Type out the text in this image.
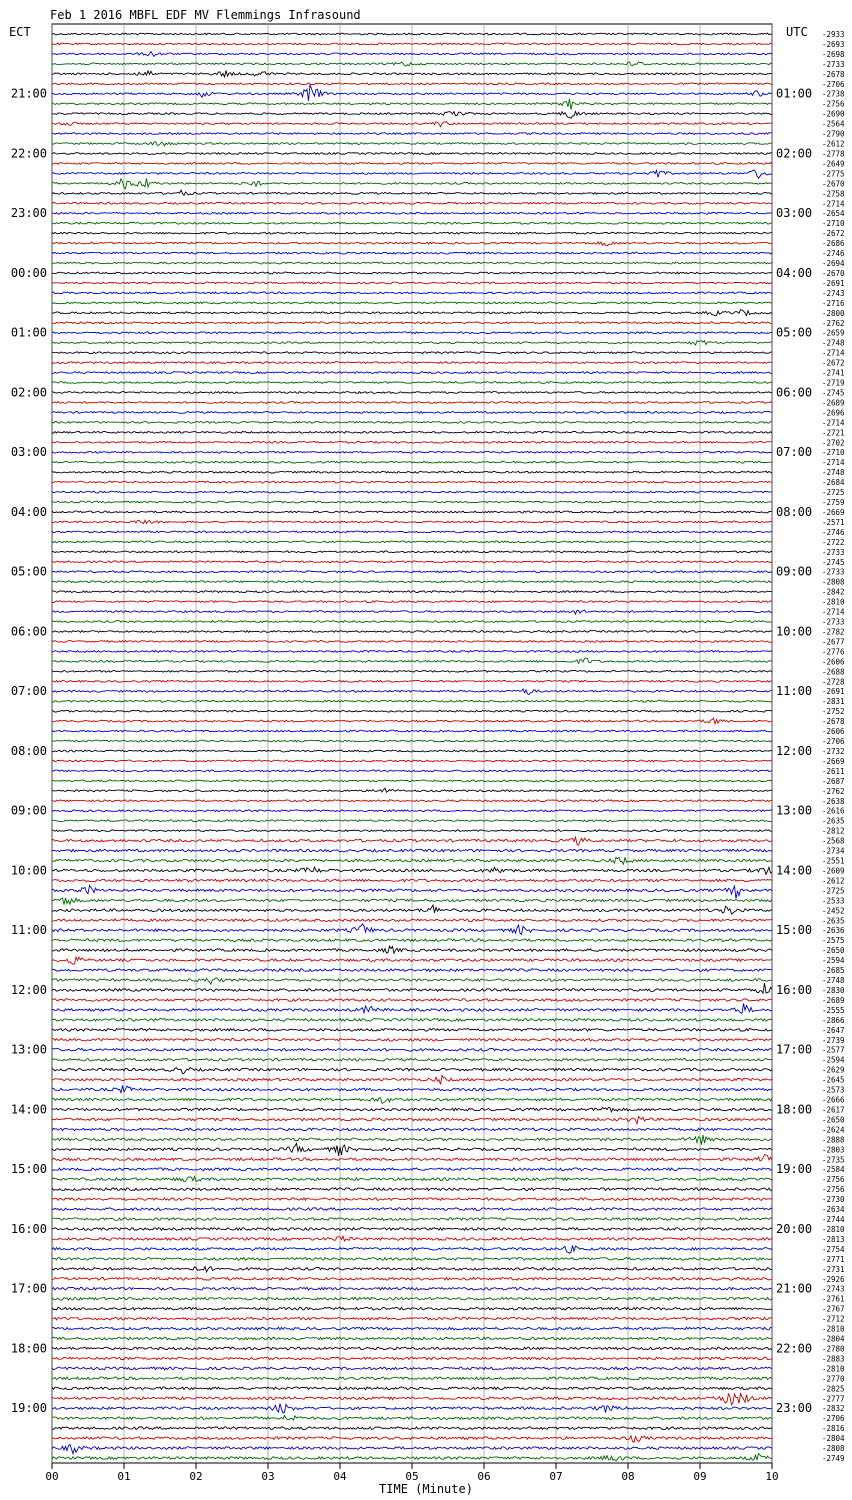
Feb 1 2016 MBFL EDF MV Flemmings Infrasound
ECT	UTC
00	01	02	03	04	05	06	07	08	09	10
-2933
-2693
-2698
-2733
-2678
-2706
-2738
-2756
-2690
-2564
-2790
-2612
-2778
-2649
-2775
-2670
-2758
-2714
-2654
-2710
-2672
-2686
-2746
-2694
-2670
-2691
-2743
-2716
-2800
-2762
-2659
-2748
-2714
-2672
-2741
-2719
-2745
-2689
-2696
-2714
-2721
-2702
-2710
-2714
-2748
-2684
-2725
-2759
-2669
-2571
-2746
-2722
-2733
-2745
-2733
-2808
-2842
-2810
-2714
-2733
-2782
-2677
-2776
-2606
-2688
-2728
-2691
-2831
-2752
-2678
-2606
-2706
-2732
-2669
-2611
-2687
-2762
-2638
-2616
-2635
-2812
-2568
-2734
-2551
-2609
-2612
-2725
-2533
-2452
-2635
-2636
-2575
-2650
-2594
-2685
-2748
-2830
-2689
-2555
-2866
-2647
-2739
-2577
-2594
-2629
-2645
-2573
-2666
-2617
-2650
-2624
-2888
-2803
-2735
-2584
-2756
-2756
-2730
-2634
-2744
-2810
-2813
-2754
-2771
-2731
-2926
-2743
-2761
-2767
-2712
-2810
-2804
-2780
-2883
-2810
-2770
-2825
-2777
-2832
-2706
-2816
-2804
-2808
-2749
21:00	01:00
22:00	02:00
23:00	03:00
00:00	04:00
01:00	05:00
02:00	06:00
03:00	07:00
04:00	08:00
05:00	09:00
06:00	10:00
07:00	11:00
08:00	12:00
09:00	13:00
10:00	14:00
11:00	15:00
12:00	16:00
13:00	17:00
14:00	18:00
15:00	19:00
16:00	20:00
17:00	21:00
18:00	22:00
19:00	23:00
TIME (Minute)
